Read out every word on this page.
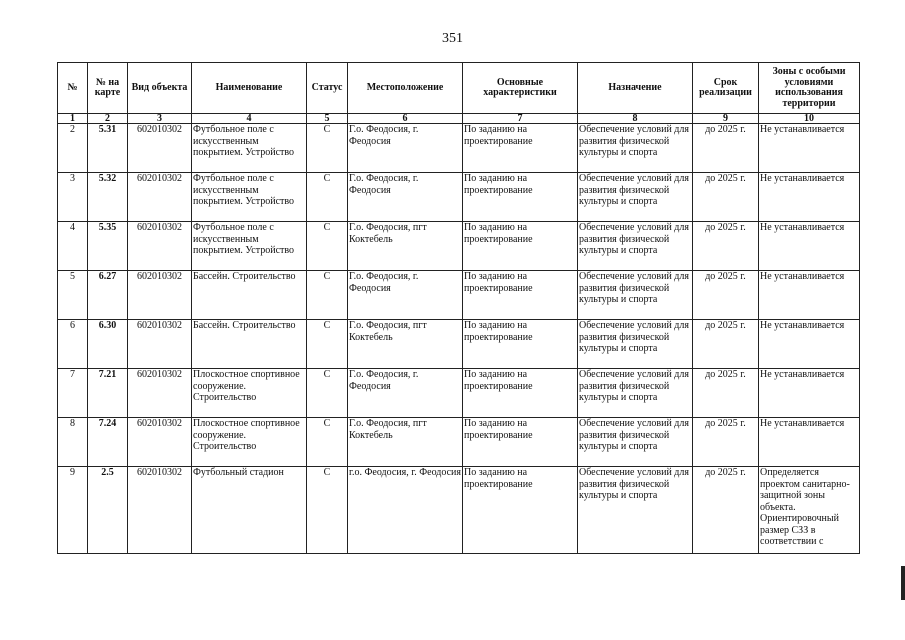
351
№	№ на карте	Вид объекта	Наименование	Статус	Местоположение	Основные характеристики	Назначение	Срок реализации	Зоны с особыми условиями использования территории
1	2	3	4	5	6	7	8	9	10
2	5.31	602010302	Футбольное поле с искусственным покрытием. Устройство	С	Г.о. Феодосия, г. Феодосия	По заданию на проектирование	Обеспечение условий для развития физической культуры и спорта	до 2025 г.	Не устанавливается
3	5.32	602010302	Футбольное поле с искусственным покрытием. Устройство	С	Г.о. Феодосия, г. Феодосия	По заданию на проектирование	Обеспечение условий для развития физической культуры и спорта	до 2025 г.	Не устанавливается
4	5.35	602010302	Футбольное поле с искусственным покрытием. Устройство	С	Г.о. Феодосия, пгт Коктебель	По заданию на проектирование	Обеспечение условий для развития физической культуры и спорта	до 2025 г.	Не устанавливается
5	6.27	602010302	Бассейн. Строительство	С	Г.о. Феодосия, г. Феодосия	По заданию на проектирование	Обеспечение условий для развития физической культуры и спорта	до 2025 г.	Не устанавливается
6	6.30	602010302	Бассейн. Строительство	С	Г.о. Феодосия, пгт Коктебель	По заданию на проектирование	Обеспечение условий для развития физической культуры и спорта	до 2025 г.	Не устанавливается
7	7.21	602010302	Плоскостное спортивное сооружение. Строительство	С	Г.о. Феодосия, г. Феодосия	По заданию на проектирование	Обеспечение условий для развития физической культуры и спорта	до 2025 г.	Не устанавливается
8	7.24	602010302	Плоскостное спортивное сооружение. Строительство	С	Г.о. Феодосия, пгт Коктебель	По заданию на проектирование	Обеспечение условий для развития физической культуры и спорта	до 2025 г.	Не устанавливается
9	2.5	602010302	Футбольный стадион	С	г.о. Феодосия, г. Феодосия	По заданию на проектирование	Обеспечение условий для развития физической культуры и спорта	до 2025 г.	Определяется проектом санитарно-защитной зоны объекта. Ориентировочный размер СЗЗ в соответствии с
